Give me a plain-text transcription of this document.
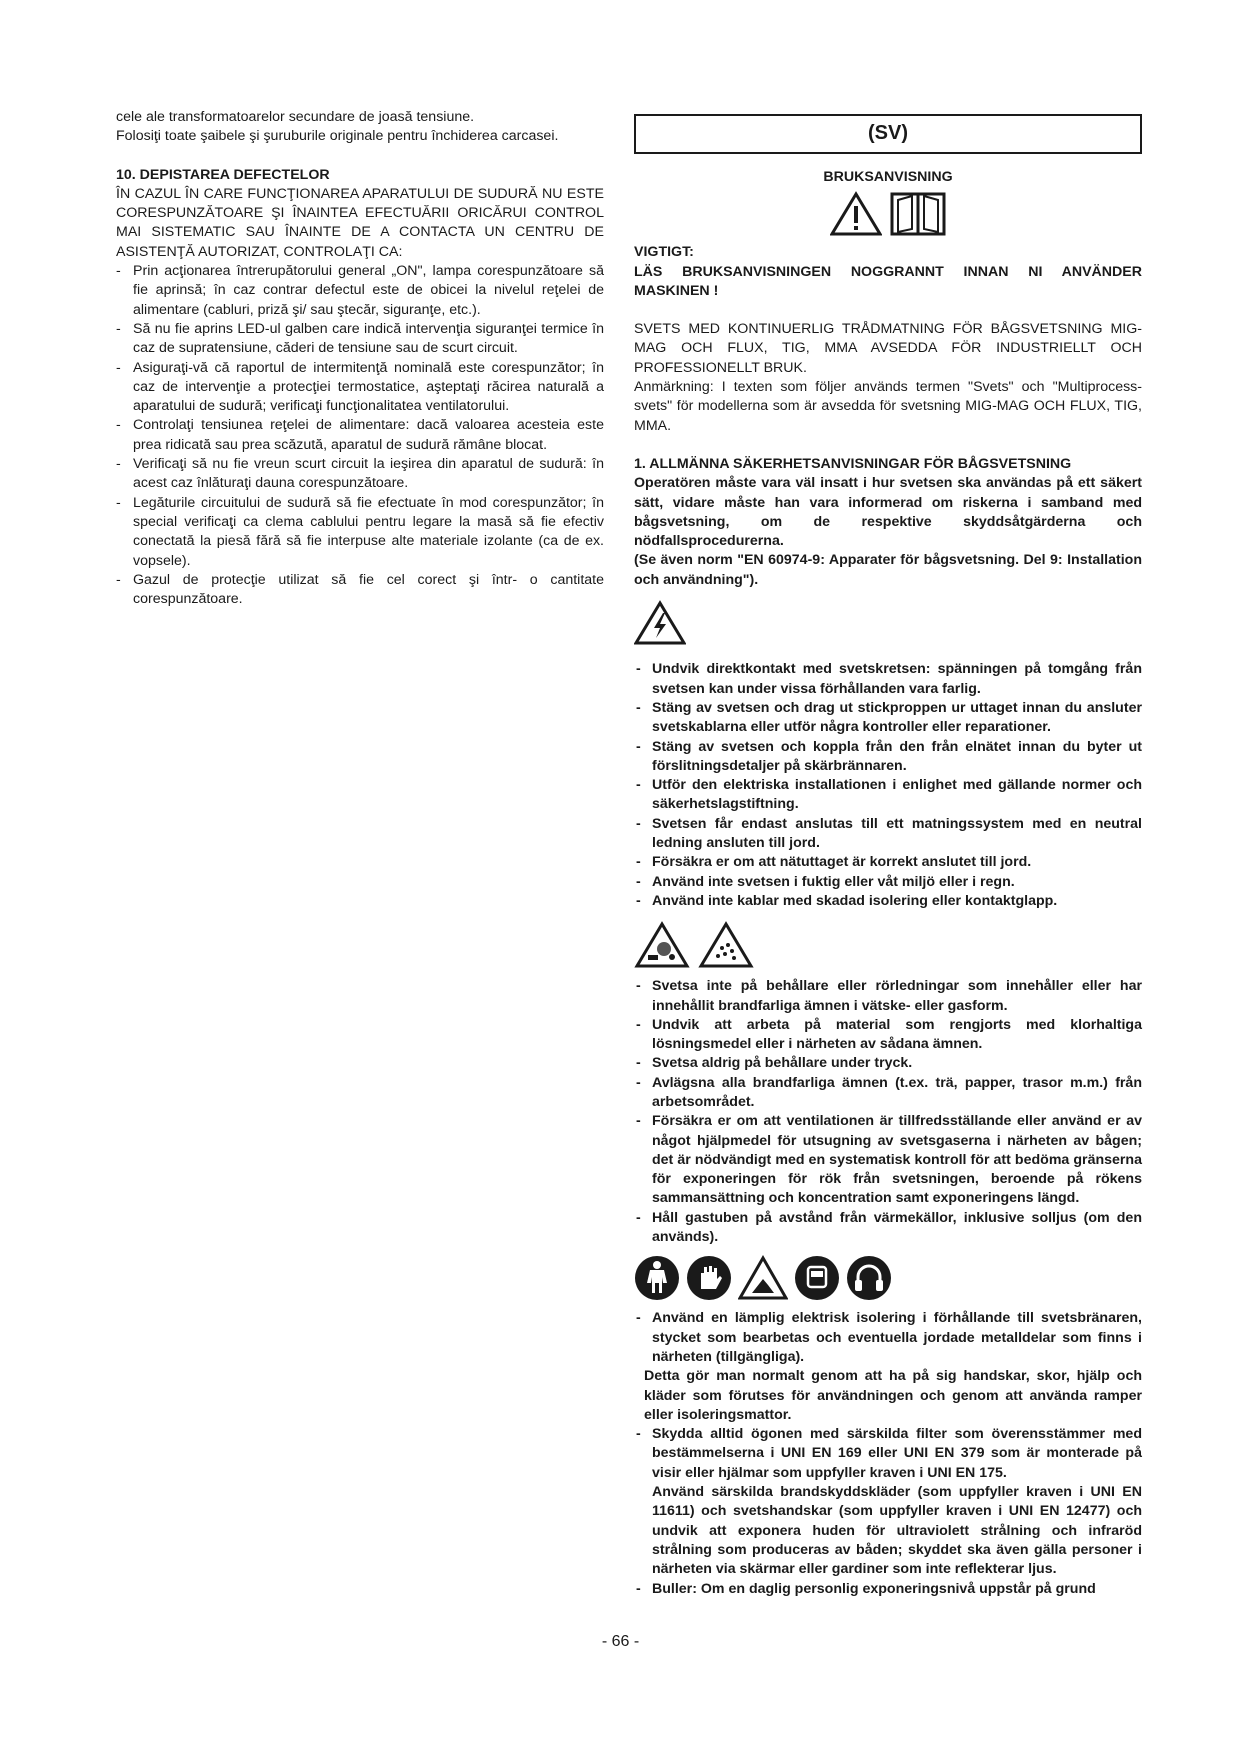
cele ale transformatoarelor secundare de joasă tensiune.

Folosiţi toate şaibele şi şuruburile originale pentru închiderea carcasei.

10. DEPISTAREA DEFECTELOR

ÎN CAZUL ÎN CARE FUNCŢIONAREA APARATULUI DE SUDURĂ NU ESTE CORESPUNZĂTOARE ŞI ÎNAINTEA EFECTUĂRII ORICĂRUI CONTROL MAI SISTEMATIC SAU ÎNAINTE DE A CONTACTA UN CENTRU DE ASISTENŢĂ AUTORIZAT, CONTROLAŢI CA:

- Prin acţionarea întrerupătorului general „ON", lampa corespunzătoare să fie aprinsă; în caz contrar defectul este de obicei la nivelul reţelei de alimentare (cabluri, priză şi/ sau ştecăr, siguranţe, etc.).
- Să nu fie aprins LED-ul galben care indică intervenţia siguranţei termice în caz de supratensiune, căderi de tensiune sau de scurt circuit.
- Asiguraţi-vă că raportul de intermitenţă nominală este corespunzător; în caz de intervenţie a protecţiei termostatice, aşteptaţi răcirea naturală a aparatului de sudură; verificaţi funcţionalitatea ventilatorului.
- Controlaţi tensiunea reţelei de alimentare: dacă valoarea acesteia este prea ridicată sau prea scăzută, aparatul de sudură rămâne blocat.
- Verificaţi să nu fie vreun scurt circuit la ieşirea din aparatul de sudură: în acest caz înlăturaţi dauna corespunzătoare.
- Legăturile circuitului de sudură să fie efectuate în mod corespunzător; în special verificaţi ca clema cablului pentru legare la masă să fie efectiv conectată la piesă fără să fie interpuse alte materiale izolante (ca de ex. vopsele).
- Gazul de protecţie utilizat să fie cel corect şi într- o cantitate corespunzătoare.
(SV)

BRUKSANVISNING

VIGTIGT:

LÄS BRUKSANVISNINGEN NOGGRANNT INNAN NI ANVÄNDER MASKINEN !

SVETS MED KONTINUERLIG TRÅDMATNING FÖR BÅGSVETSNING MIG-MAG OCH FLUX, TIG, MMA AVSEDDA FÖR INDUSTRIELLT OCH PROFESSIONELLT BRUK.

Anmärkning: I texten som följer används termen "Svets" och "Multiprocess-svets" för modellerna som är avsedda för svetsning MIG-MAG OCH FLUX, TIG, MMA.

1. ALLMÄNNA SÄKERHETSANVISNINGAR FÖR BÅGSVETSNING

Operatören måste vara väl insatt i hur svetsen ska användas på ett säkert sätt, vidare måste han vara informerad om riskerna i samband med bågsvetsning, om de respektive skyddsåtgärderna och nödfallsprocedurerna.

(Se även norm "EN 60974-9: Apparater för bågsvetsning. Del 9: Installation och användning").

- Undvik direktkontakt med svetskretsen: spänningen på tomgång från svetsen kan under vissa förhållanden vara farlig.
- Stäng av svetsen och drag ut stickproppen ur uttaget innan du ansluter svetskablarna eller utför några kontroller eller reparationer.
- Stäng av svetsen och koppla från den från elnätet innan du byter ut förslitningsdetaljer på skärbrännaren.
- Utför den elektriska installationen i enlighet med gällande normer och säkerhetslagstiftning.
- Svetsen får endast anslutas till ett matningssystem med en neutral ledning ansluten till jord.
- Försäkra er om att nätuttaget är korrekt anslutet till jord.
- Använd inte svetsen i fuktig eller våt miljö eller i regn.
- Använd inte kablar med skadad isolering eller kontaktglapp.
- Svetsa inte på behållare eller rörledningar som innehåller eller har innehållit brandfarliga ämnen i vätske- eller gasform.
- Undvik att arbeta på material som rengjorts med klorhaltiga lösningsmedel eller i närheten av sådana ämnen.
- Svetsa aldrig på behållare under tryck.
- Avlägsna alla brandfarliga ämnen (t.ex. trä, papper, trasor m.m.) från arbetsområdet.
- Försäkra er om att ventilationen är tillfredsställande eller använd er av något hjälpmedel för utsugning av svetsgaserna i närheten av bågen; det är nödvändigt med en systematisk kontroll för att bedöma gränserna för exponeringen för rök från svetsningen, beroende på rökens sammansättning och koncentration samt exponeringens längd.
- Håll gastuben på avstånd från värmekällor, inklusive solljus (om den används).
- Använd en lämplig elektrisk isolering i förhållande till svetsbränaren, stycket som bearbetas och eventuella jordade metalldelar som finns i närheten (tillgängliga).

Detta gör man normalt genom att ha på sig handskar, skor, hjälp och kläder som förutses för användningen och genom att använda ramper eller isoleringsmattor.

- Skydda alltid ögonen med särskilda filter som överensstämmer med bestämmelserna i UNI EN 169 eller UNI EN 379 som är monterade på visir eller hjälmar som uppfyller kraven i UNI EN 175.

Använd särskilda brandskyddskläder (som uppfyller kraven i UNI EN 11611) och svetshandskar (som uppfyller kraven i UNI EN 12477) och undvik att exponera huden för ultraviolett strålning och infraröd strålning som produceras av båden; skyddet ska även gälla personer i närheten via skärmar eller gardiner som inte reflekterar ljus.

- Buller: Om en daglig personlig exponeringsnivå uppstår på grund
- 66 -
